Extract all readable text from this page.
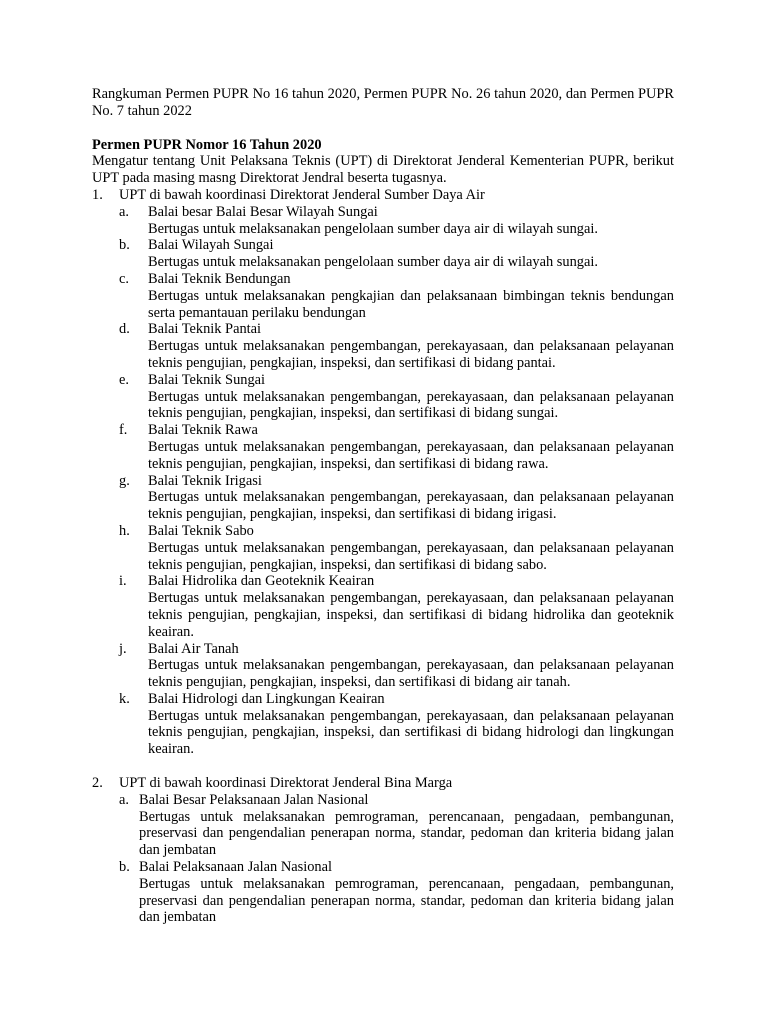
Rangkuman Permen PUPR No 16 tahun 2020, Permen PUPR No. 26 tahun 2020, dan Permen PUPR No. 7 tahun 2022

Permen PUPR Nomor 16 Tahun 2020

Mengatur tentang Unit Pelaksana Teknis (UPT) di Direktorat Jenderal Kementerian PUPR, berikut UPT pada masing masng Direktorat Jendral beserta tugasnya.

1.	UPT di bawah koordinasi Direktorat Jenderal Sumber Daya Air
a.	Balai besar Balai Besar Wilayah Sungai

Bertugas untuk melaksanakan pengelolaan sumber daya air di wilayah sungai.

b.	Balai Wilayah Sungai

Bertugas untuk melaksanakan pengelolaan sumber daya air di wilayah sungai.

c.	Balai Teknik Bendungan

Bertugas untuk melaksanakan pengkajian dan pelaksanaan bimbingan teknis bendungan serta pemantauan perilaku bendungan

d.	Balai Teknik Pantai

Bertugas untuk melaksanakan pengembangan, perekayasaan, dan pelaksanaan pelayanan teknis pengujian, pengkajian, inspeksi, dan sertifikasi di bidang pantai.

e.	Balai Teknik Sungai

Bertugas untuk melaksanakan pengembangan, perekayasaan, dan pelaksanaan pelayanan teknis pengujian, pengkajian, inspeksi, dan sertifikasi di bidang sungai.

f.	Balai Teknik Rawa

Bertugas untuk melaksanakan pengembangan, perekayasaan, dan pelaksanaan pelayanan teknis pengujian, pengkajian, inspeksi, dan sertifikasi di bidang rawa.

g.	Balai Teknik Irigasi

Bertugas untuk melaksanakan pengembangan, perekayasaan, dan pelaksanaan pelayanan teknis pengujian, pengkajian, inspeksi, dan sertifikasi di bidang irigasi.

h.	Balai Teknik Sabo

Bertugas untuk melaksanakan pengembangan, perekayasaan, dan pelaksanaan pelayanan teknis pengujian, pengkajian, inspeksi, dan sertifikasi di bidang sabo.

i.	Balai Hidrolika dan Geoteknik Keairan

Bertugas untuk melaksanakan pengembangan, perekayasaan, dan pelaksanaan pelayanan teknis pengujian, pengkajian, inspeksi, dan sertifikasi di bidang hidrolika dan geoteknik keairan.

j.	Balai Air Tanah

Bertugas untuk melaksanakan pengembangan, perekayasaan, dan pelaksanaan pelayanan teknis pengujian, pengkajian, inspeksi, dan sertifikasi di bidang air tanah.

k.	Balai Hidrologi dan Lingkungan Keairan

Bertugas untuk melaksanakan pengembangan, perekayasaan, dan pelaksanaan pelayanan teknis pengujian, pengkajian, inspeksi, dan sertifikasi di bidang hidrologi dan lingkungan keairan.

2.	UPT di bawah koordinasi Direktorat Jenderal Bina Marga
a. Balai Besar Pelaksanaan Jalan Nasional

Bertugas untuk melaksanakan pemrograman, perencanaan, pengadaan, pembangunan, preservasi dan pengendalian penerapan norma, standar, pedoman dan kriteria bidang jalan dan jembatan

b. Balai Pelaksanaan Jalan Nasional

Bertugas untuk melaksanakan pemrograman, perencanaan, pengadaan, pembangunan, preservasi dan pengendalian penerapan norma, standar, pedoman dan kriteria bidang jalan dan jembatan
